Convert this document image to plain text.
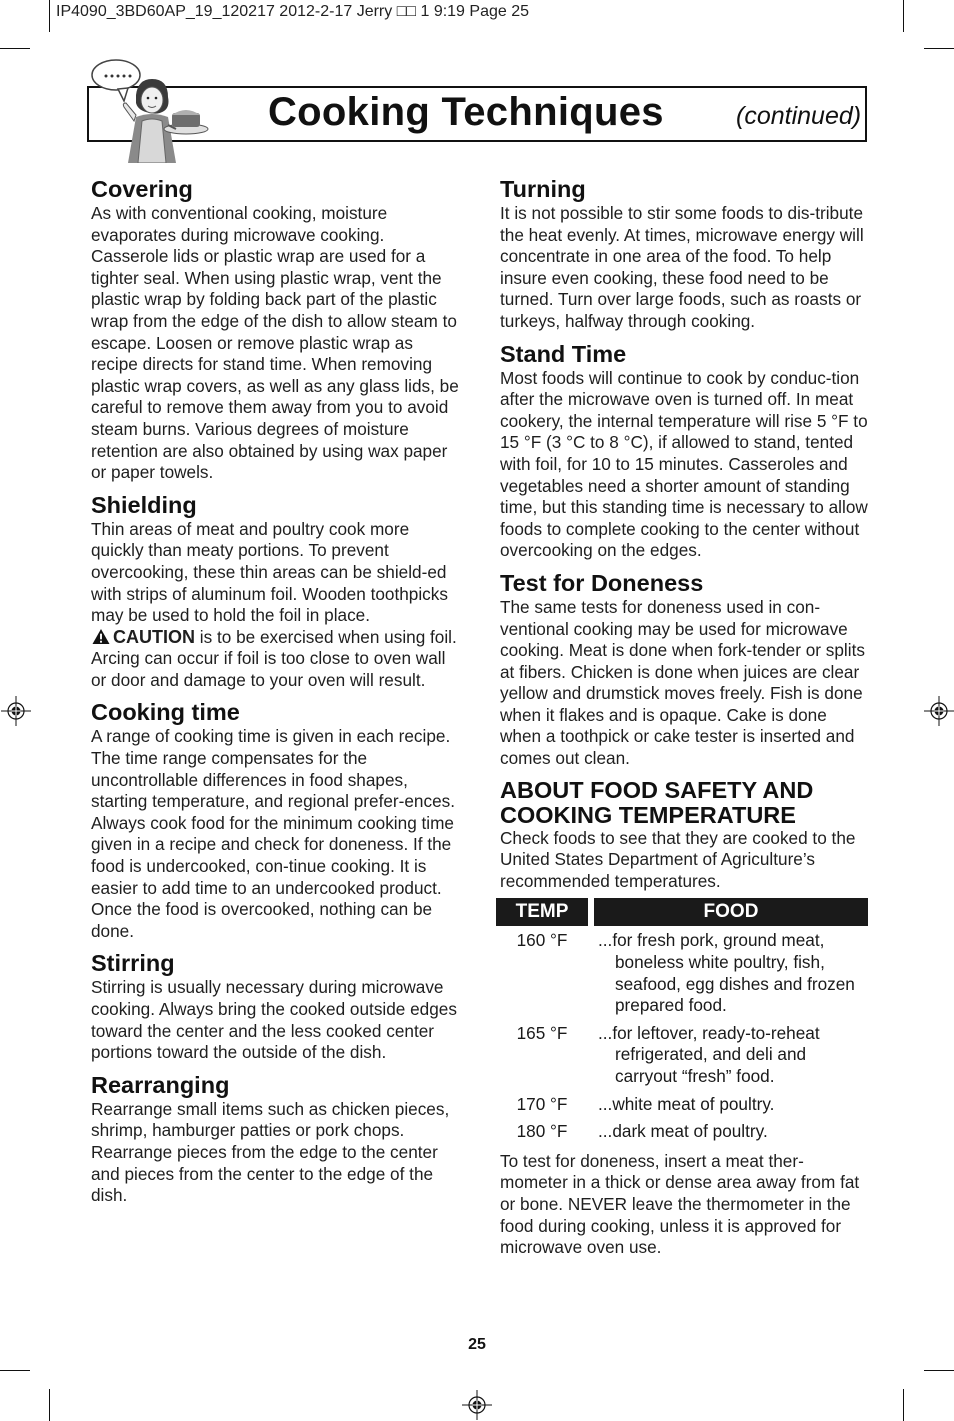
IP4090_3BD60AP_19_120217 2012-2-17 Jerry □□ 1 9:19 Page 25
Cooking Techniques	(continued)
Covering

As with conventional cooking, moisture evaporates during microwave cooking. Casserole lids or plastic wrap are used for a tighter seal. When using plastic wrap, vent the plastic wrap by folding back part of the plastic wrap from the edge of the dish to allow steam to escape. Loosen or remove plastic wrap as recipe directs for stand time. When removing plastic wrap covers, as well as any glass lids, be careful to remove them away from you to avoid steam burns. Various degrees of moisture retention are also obtained by using wax paper or paper towels.

Shielding

Thin areas of meat and poultry cook more quickly than meaty portions. To prevent overcooking, these thin areas can be shield-ed with strips of aluminum foil. Wooden toothpicks may be used to hold the foil in place.

CAUTION is to be exercised when using foil. Arcing can occur if foil is too close to oven wall or door and damage to your oven will result.

Cooking time

A range of cooking time is given in each recipe. The time range compensates for the uncontrollable differences in food shapes, starting temperature, and regional prefer-ences. Always cook food for the minimum cooking time given in a recipe and check for doneness. If the food is undercooked, con-tinue cooking. It is easier to add time to an undercooked product. Once the food is overcooked, nothing can be done.

Stirring

Stirring is usually necessary during microwave cooking. Always bring the cooked outside edges toward the center and the less cooked center portions toward the outside of the dish.

Rearranging

Rearrange small items such as chicken pieces, shrimp, hamburger patties or pork chops. Rearrange pieces from the edge to the center and pieces from the center to the edge of the dish.

Turning

It is not possible to stir some foods to dis-tribute the heat evenly. At times, microwave energy will concentrate in one area of the food. To help insure even cooking, these food need to be turned. Turn over large foods, such as roasts or turkeys, halfway through cooking.

Stand Time

Most foods will continue to cook by conduc-tion after the microwave oven is turned off. In meat cookery, the internal temperature will rise 5 °F to 15 °F (3 °C to 8 °C), if allowed to stand, tented with foil, for 10 to 15 minutes. Casseroles and vegetables need a shorter amount of standing time, but this standing time is necessary to allow foods to complete cooking to the center without overcooking on the edges.

Test for Doneness

The same tests for doneness used in con-ventional cooking may be used for microwave cooking. Meat is done when fork-tender or splits at fibers. Chicken is done when juices are clear yellow and drumstick moves freely. Fish is done when it flakes and is opaque. Cake is done when a toothpick or cake tester is inserted and comes out clean.

ABOUT FOOD SAFETY AND
COOKING TEMPERATURE

Check foods to see that they are cooked to the United States Department of Agriculture’s recommended temperatures.

TEMP		FOOD
160 °F	...for fresh pork, ground meat, boneless white poultry, fish, seafood, egg dishes and frozen prepared food.	

165 °F	...for leftover, ready-to-reheat refrigerated, and deli and carryout “fresh” food.	

170 °F	...white meat of poultry.	

180 °F	...dark meat of poultry.	

To test for doneness, insert a meat ther-mometer in a thick or dense area away from fat or bone. NEVER leave the thermometer in the food during cooking, unless it is approved for microwave oven use.

25
